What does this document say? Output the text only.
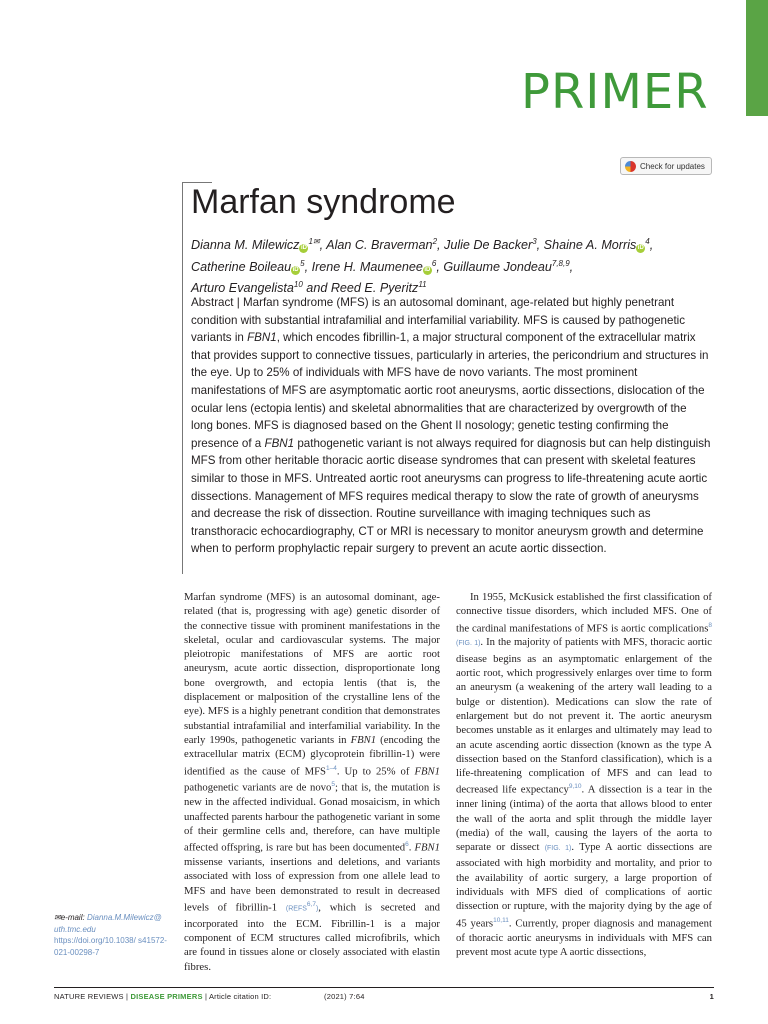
PRIMER
Check for updates
Marfan syndrome
Dianna M. Milewicz $iD^{1✉}$, Alan C. Braverman$^2$, Julie De Backer$^3$, Shaine A. Morris $iD^4$,
Catherine Boileau $iD^5$, Irene H. Maumenee $iD^6$, Guillaume Jondeau$^{7,8,9}$,
Arturo Evangelista$^{10}$ and Reed E. Pyeritz$^{11}$
Abstract | Marfan syndrome (MFS) is an autosomal dominant, age-related but highly penetrant condition with substantial intrafamilial and interfamilial variability. MFS is caused by pathogenetic variants in FBN1, which encodes fibrillin-1, a major structural component of the extracellular matrix that provides support to connective tissues, particularly in arteries, the pericondrium and structures in the eye. Up to 25% of individuals with MFS have de novo variants. The most prominent manifestations of MFS are asymptomatic aortic root aneurysms, aortic dissections, dislocation of the ocular lens (ectopia lentis) and skeletal abnormalities that are characterized by overgrowth of the long bones. MFS is diagnosed based on the Ghent II nosology; genetic testing confirming the presence of a FBN1 pathogenetic variant is not always required for diagnosis but can help distinguish MFS from other heritable thoracic aortic disease syndromes that can present with skeletal features similar to those in MFS. Untreated aortic root aneurysms can progress to life-threatening acute aortic dissections. Management of MFS requires medical therapy to slow the rate of growth of aneurysms and decrease the risk of dissection. Routine surveillance with imaging techniques such as transthoracic echocardiography, CT or MRI is necessary to monitor aneurysm growth and determine when to perform prophylactic repair surgery to prevent an acute aortic dissection.
Marfan syndrome (MFS) is an autosomal dominant, age-related (that is, progressing with age) genetic disorder of the connective tissue with prominent manifestations in the skeletal, ocular and cardiovascular systems. The major pleiotropic manifestations of MFS are aortic root aneurysm, acute aortic dissection, disproportionate long bone overgrowth, and ectopia lentis (that is, the displacement or malposition of the crystalline lens of the eye). MFS is a highly penetrant condition that demonstrates substantial intrafamilial and interfamilial variability. In the early 1990s, pathogenetic variants in FBN1 (encoding the extracellular matrix (ECM) glycoprotein fibrillin-1) were identified as the cause of MFS$^{1-4}$. Up to 25% of FBN1 pathogenetic variants are de novo$^5$; that is, the mutation is new in the affected individual. Gonad mosaicism, in which unaffected parents harbour the pathogenetic variant in some of their germline cells and, therefore, can have multiple affected offspring, is rare but has been documented$^6$. FBN1 missense variants, insertions and deletions, and variants associated with loss of expression from one allele lead to MFS and have been demonstrated to result in decreased levels of fibrillin-1 (REFS$^{6,7}$), which is secreted and incorporated into the ECM. Fibrillin-1 is a major component of ECM structures called microfibrils, which are found in tissues alone or closely associated with elastin fibres.
In 1955, McKusick established the first classification of connective tissue disorders, which included MFS. One of the cardinal manifestations of MFS is aortic complications$^8$ (FIG. 1). In the majority of patients with MFS, thoracic aortic disease begins as an asymptomatic enlargement of the aortic root, which progressively enlarges over time to form an aneurysm (a weakening of the artery wall leading to a bulge or distention). Medications can slow the rate of enlargement but do not prevent it. The aortic aneurysm becomes unstable as it enlarges and ultimately may lead to an acute ascending aortic dissection (known as the type A dissection based on the Stanford classification), which is a life-threatening complication of MFS and can lead to decreased life expectancy$^{9,10}$. A dissection is a tear in the inner lining (intima) of the aorta that allows blood to enter the wall of the aorta and split through the middle layer (media) of the wall, causing the layers of the aorta to separate or dissect (FIG. 1). Type A aortic dissections are associated with high morbidity and mortality, and prior to the availability of aortic surgery, a large proportion of individuals with MFS died of complications of aortic dissection or rupture, with the majority dying by the age of 45 years$^{10,11}$. Currently, proper diagnosis and management of thoracic aortic aneurysms in individuals with MFS can prevent most acute type A aortic dissections,
✉e-mail: Dianna.M.Milewicz@ uth.tmc.edu
https://doi.org/10.1038/ s41572-021-00298-7
NATURE REVIEWS | DISEASE PRIMERS | Article citation ID:	(2021) 7:64	1
